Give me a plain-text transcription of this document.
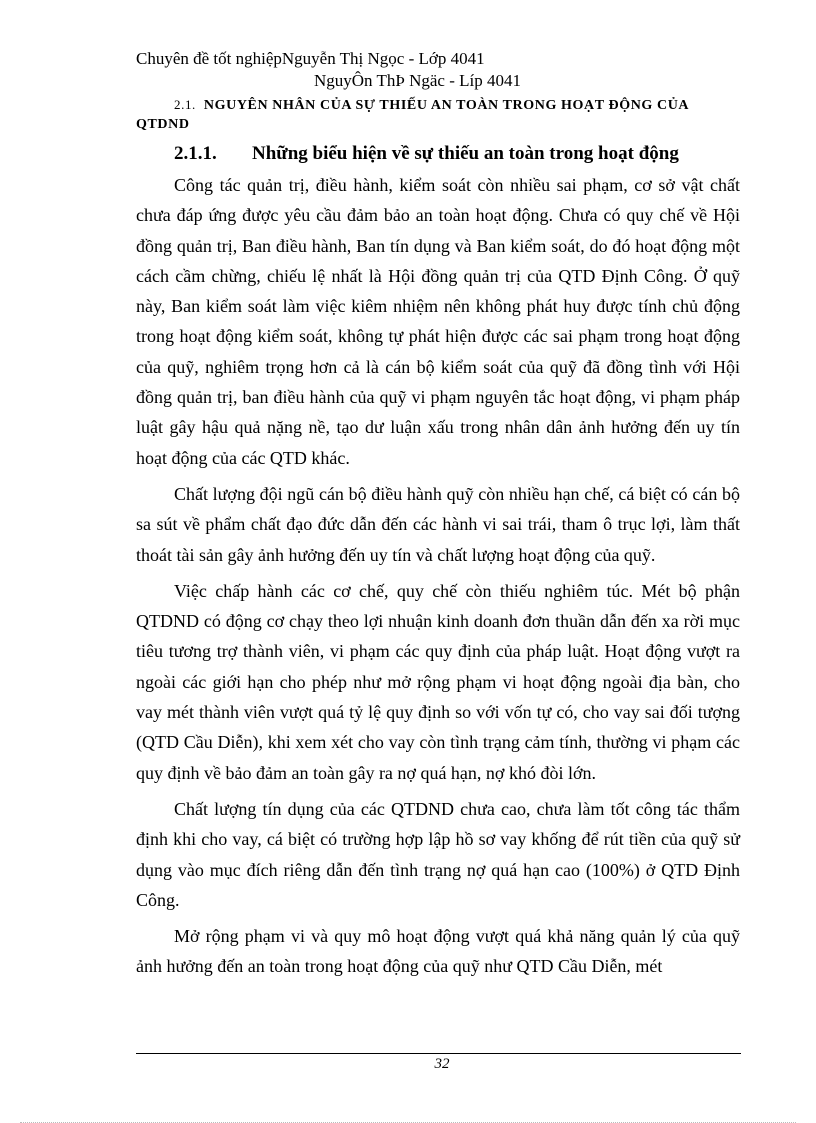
Chuyên đề tốt nghiệpNguyễn Thị Ngọc - Lớp 4041
NguyÔn ThÞ Ngäc - Líp 4041
2.1. NGUYÊN NHÂN CỦA SỰ THIẾU AN TOÀN TRONG HOẠT ĐỘNG CỦA QTDND
2.1.1. Những biểu hiện về sự thiếu an toàn trong hoạt động

Công tác quản trị, điều hành, kiểm soát còn nhiều sai phạm, cơ sở vật chất chưa đáp ứng được yêu cầu đảm bảo an toàn hoạt động. Chưa có quy chế về Hội đồng quản trị, Ban điều hành, Ban tín dụng và Ban kiểm soát, do đó hoạt động một cách cầm chừng, chiếu lệ nhất là Hội đồng quản trị của QTD Định Công. Ở quỹ này, Ban kiểm soát làm việc kiêm nhiệm nên không phát huy được tính chủ động trong hoạt động kiểm soát, không tự phát hiện được các sai phạm trong hoạt động của quỹ, nghiêm trọng hơn cả là cán bộ kiểm soát của quỹ đã đồng tình với Hội đồng quản trị, ban điều hành của quỹ vi phạm nguyên tắc hoạt động, vi phạm pháp luật gây hậu quả nặng nề, tạo dư luận xấu trong nhân dân ảnh hưởng đến uy tín hoạt động của các QTD khác.

Chất lượng đội ngũ cán bộ điều hành quỹ còn nhiều hạn chế, cá biệt có cán bộ sa sút về phẩm chất đạo đức dẫn đến các hành vi sai trái, tham ô trục lợi, làm thất thoát tài sản gây ảnh hưởng đến uy tín và chất lượng hoạt động của quỹ.

Việc chấp hành các cơ chế, quy chế còn thiếu nghiêm túc. Mét bộ phận QTDND có động cơ chạy theo lợi nhuận kinh doanh đơn thuần dẫn đến xa rời mục tiêu tương trợ thành viên, vi phạm các quy định của pháp luật. Hoạt động vượt ra ngoài các giới hạn cho phép như mở rộng phạm vi hoạt động ngoài địa bàn, cho vay mét thành viên vượt quá tỷ lệ quy định so với vốn tự có, cho vay sai đối tượng (QTD Cầu Diễn), khi xem xét cho vay còn tình trạng cảm tính, thường vi phạm các quy định về bảo đảm an toàn gây ra nợ quá hạn, nợ khó đòi lớn.

Chất lượng tín dụng của các QTDND chưa cao, chưa làm tốt công tác thẩm định khi cho vay, cá biệt có trường hợp lập hồ sơ vay khống để rút tiền của quỹ sử dụng vào mục đích riêng dẫn đến tình trạng nợ quá hạn cao (100%) ở QTD Định Công.

Mở rộng phạm vi và quy mô hoạt động vượt quá khả năng quản lý của quỹ ảnh hưởng đến an toàn trong hoạt động của quỹ như QTD Cầu Diễn, mét

32
